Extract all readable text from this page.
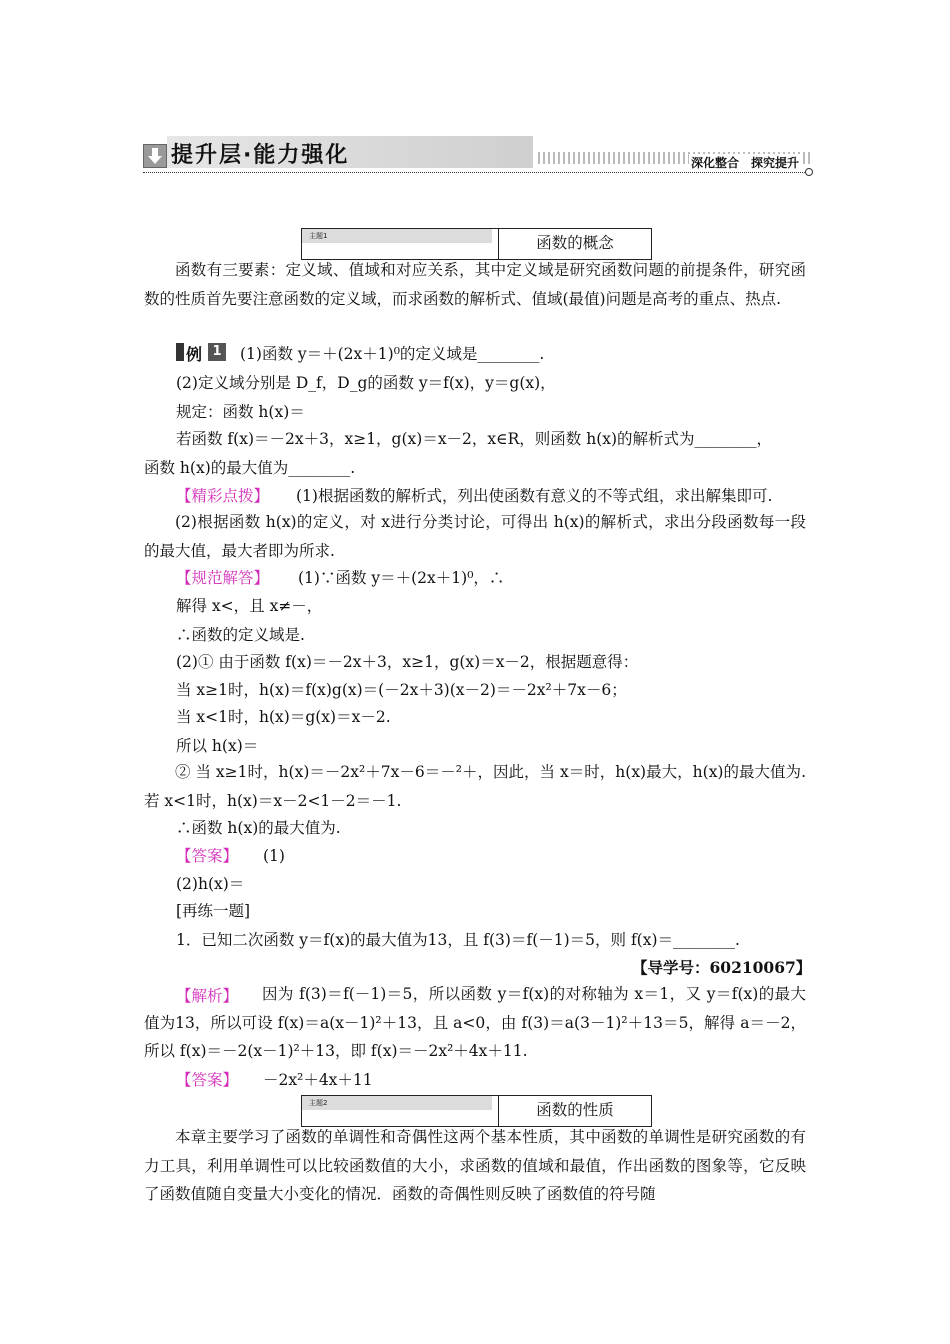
提升层·能力强化	深化整合　探究提升
主题1	函数的概念
函数有三要素：定义域、值域和对应关系，其中定义域是研究函数问题的前提条件，研究函数的性质首先要注意函数的定义域，而求函数的解析式、值域(最值)问题是高考的重点、热点.
例 1 (1)函数 y＝＋(2x＋1)⁰的定义域是________.
(2)定义域分别是 D_f，D_g的函数 y＝f(x)，y＝g(x)，
规定：函数 h(x)＝
若函数 f(x)＝－2x＋3，x≥1，g(x)＝x－2，x∈R，则函数 h(x)的解析式为________，
函数 h(x)的最大值为________.
【精彩点拨】 (1)根据函数的解析式，列出使函数有意义的不等式组，求出解集即可.
(2)根据函数 h(x)的定义，对 x进行分类讨论，可得出 h(x)的解析式，求出分段函数每一段的最大值，最大者即为所求.
【规范解答】 (1)∵函数 y＝＋(2x＋1)⁰，∴
解得 x<，且 x≠－，
∴函数的定义域是.
(2)① 由于函数 f(x)＝－2x＋3，x≥1，g(x)＝x－2，根据题意得：
当 x≥1时，h(x)＝f(x)g(x)＝(－2x＋3)(x－2)＝－2x²＋7x－6；
当 x<1时，h(x)＝g(x)＝x－2.
所以 h(x)＝
② 当 x≥1时，h(x)＝－2x²＋7x－6＝－²＋，因此，当 x＝时，h(x)最大，h(x)的最大值为.若 x<1时，h(x)＝x－2<1－2＝－1.
∴函数 h(x)的最大值为.
【答案】 (1)
(2)h(x)＝
[再练一题]
1．已知二次函数 y＝f(x)的最大值为13，且 f(3)＝f(－1)＝5，则 f(x)＝________.
【导学号：60210067】
【解析】	因为 f(3)＝f(－1)＝5，所以函数 y＝f(x)的对称轴为 x＝1，又 y＝f(x)的最大值为13，所以可设 f(x)＝a(x－1)²＋13，且 a<0，由 f(3)＝a(3－1)²＋13＝5，解得 a＝－2，所以 f(x)＝－2(x－1)²＋13，即 f(x)＝－2x²＋4x＋11.
【答案】 －2x²＋4x＋11
主题2	函数的性质
本章主要学习了函数的单调性和奇偶性这两个基本性质，其中函数的单调性是研究函数的有力工具，利用单调性可以比较函数值的大小，求函数的值域和最值，作出函数的图象等，它反映了函数值随自变量大小变化的情况．函数的奇偶性则反映了函数值的符号随
